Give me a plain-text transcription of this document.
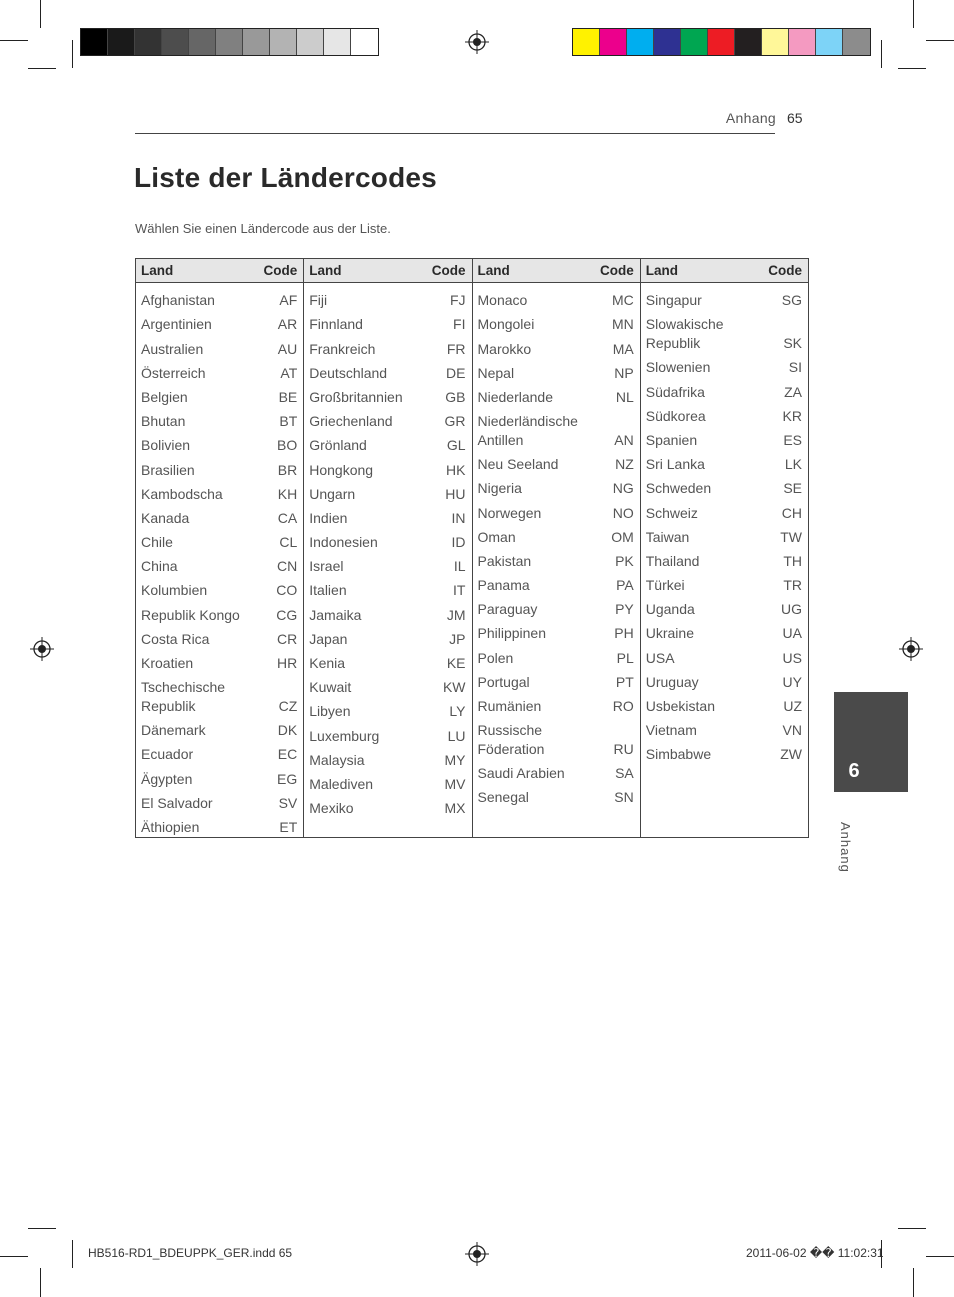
Anhang 65
Liste der Ländercodes
Wählen Sie einen Ländercode aus der Liste.
Land	Code
Afghanistan	AF
Argentinien	AR
Australien	AU
Österreich	AT
Belgien	BE
Bhutan	BT
Bolivien	BO
Brasilien	BR
Kambodscha	KH
Kanada	CA
Chile	CL
China	CN
Kolumbien	CO
Republik Kongo	CG
Costa Rica	CR
Kroatien	HR
Tschechische Republik	CZ
Dänemark	DK
Ecuador	EC
Ägypten	EG
El Salvador	SV
Äthiopien	ET
Land	Code
Fiji	FJ
Finnland	FI
Frankreich	FR
Deutschland	DE
Großbritannien	GB
Griechenland	GR
Grönland	GL
Hongkong	HK
Ungarn	HU
Indien	IN
Indonesien	ID
Israel	IL
Italien	IT
Jamaika	JM
Japan	JP
Kenia	KE
Kuwait	KW
Libyen	LY
Luxemburg	LU
Malaysia	MY
Malediven	MV
Mexiko	MX
Land	Code
Monaco	MC
Mongolei	MN
Marokko	MA
Nepal	NP
Niederlande	NL
Niederländische Antillen	AN
Neu Seeland	NZ
Nigeria	NG
Norwegen	NO
Oman	OM
Pakistan	PK
Panama	PA
Paraguay	PY
Philippinen	PH
Polen	PL
Portugal	PT
Rumänien	RO
Russische Föderation	RU
Saudi Arabien	SA
Senegal	SN
Land	Code
Singapur	SG
Slowakische Republik	SK
Slowenien	SI
Südafrika	ZA
Südkorea	KR
Spanien	ES
Sri Lanka	LK
Schweden	SE
Schweiz	CH
Taiwan	TW
Thailand	TH
Türkei	TR
Uganda	UG
Ukraine	UA
USA	US
Uruguay	UY
Usbekistan	UZ
Vietnam	VN
Simbabwe	ZW
6
Anhang
HB516-RD1_BDEUPPK_GER.indd 65	2011-06-02 �� 11:02:31
